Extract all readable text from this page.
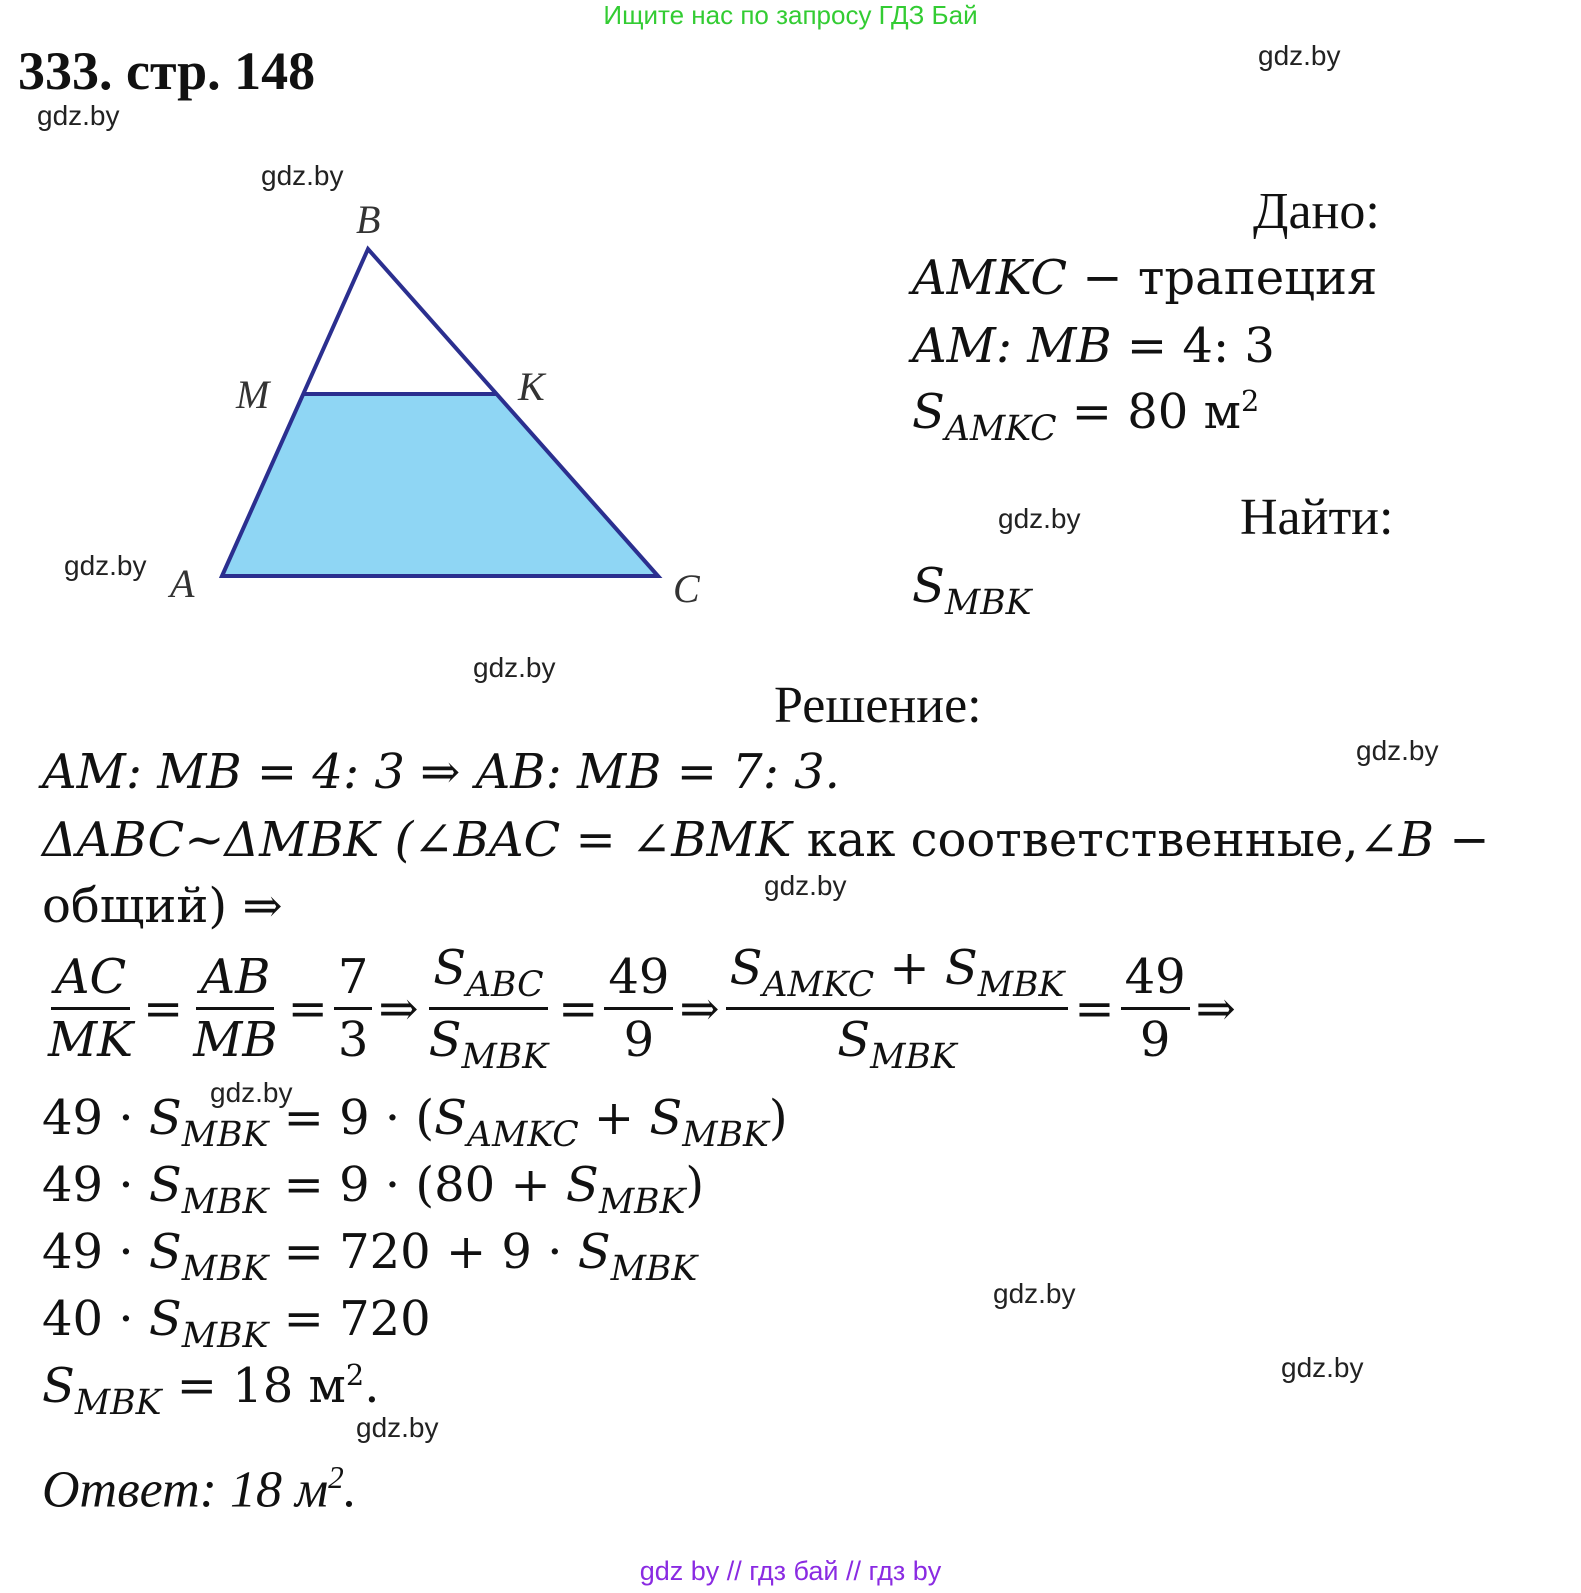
Ищите нас по запросу ГДЗ Бай
333. стр. 148	gdz.by
gdz.by
gdz.by
gdz.by
gdz.by
gdz.by
gdz.by
gdz.by
gdz.by
gdz.by
gdz.by
gdz.by
B
M	K
A	C
Дано:
AMKC − трапеция
AM: MB = 4: 3
$S_{AMKC} = 80$ $м^2$
Найти:
$S_{MBK}$
Решение:
AM: MB = 4: 3 ⇒ AB: MB = 7: 3.
ΔABC~ΔMBK (∠BAC = ∠BMK как соответственные,∠B −
общий) ⇒
$\frac{AC}{MK} = \frac{AB}{MB} = \frac{7}{3}$ ⇒ $\frac{S_{ABC}}{S_{MBK}} = \frac{49}{9}$ ⇒ $\frac{S_{AMKC} + S_{MBK}}{S_{MBK}} = \frac{49}{9}$ ⇒
$49 \cdot S_{MBK} = 9 \cdot (S_{AMKC} + S_{MBK})$
$49 \cdot S_{MBK} = 9 \cdot (80 + S_{MBK})$
$49 \cdot S_{MBK} = 720 + 9 \cdot S_{MBK}$
$40 \cdot S_{MBK} = 720$
$S_{MBK} = 18$ $м^2$.
Ответ: 18 $м^2$.
gdz by // гдз бай // гдз by
